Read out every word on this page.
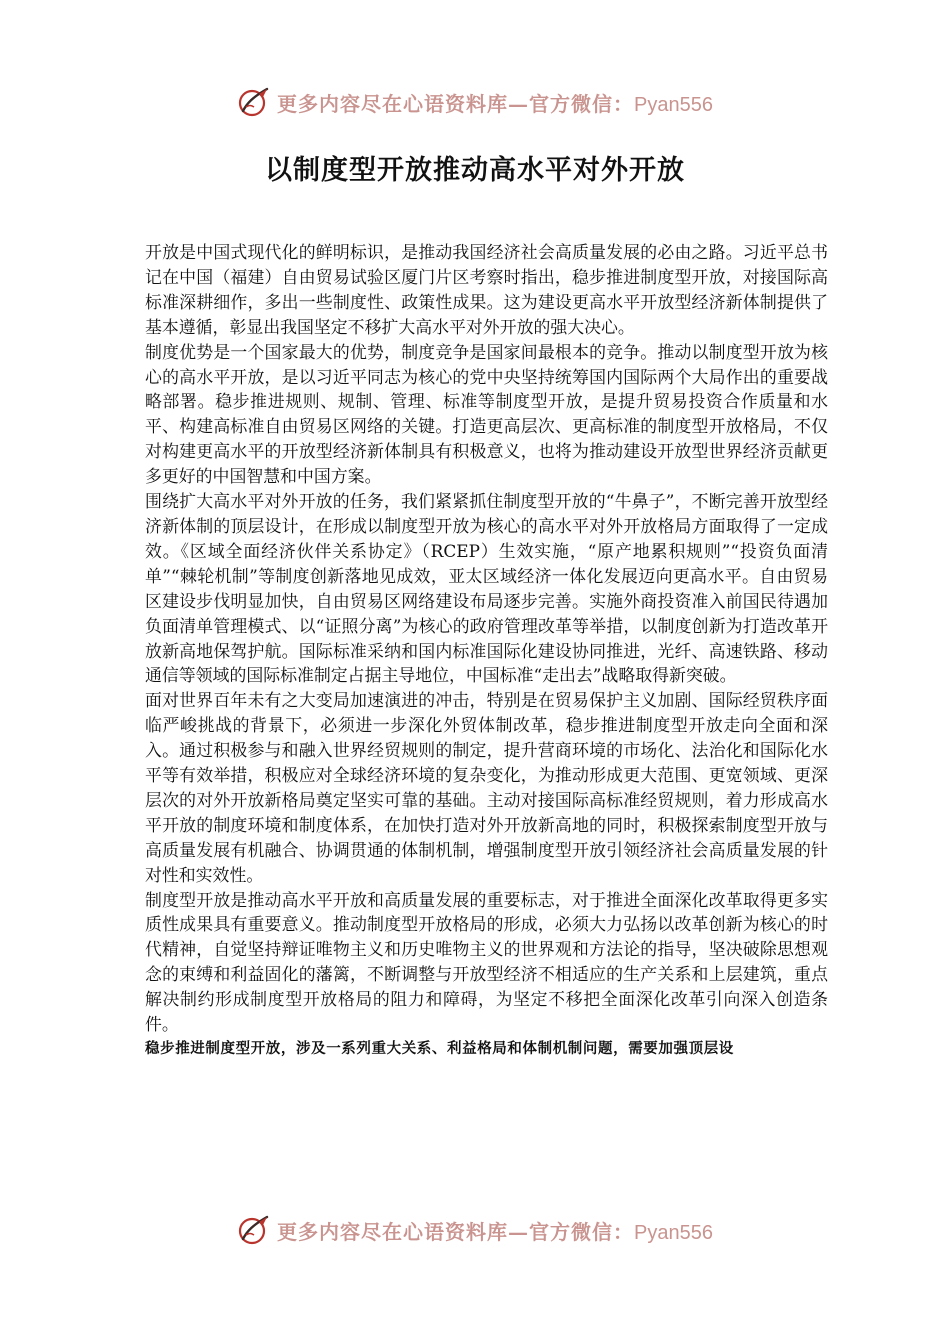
更多内容尽在心语资料库—官方微信：Pyan556
以制度型开放推动高水平对外开放

开放是中国式现代化的鲜明标识，是推动我国经济社会高质量发展的必由之路。习近平总书记在中国（福建）自由贸易试验区厦门片区考察时指出，稳步推进制度型开放，对接国际高标准深耕细作，多出一些制度性、政策性成果。这为建设更高水平开放型经济新体制提供了基本遵循，彰显出我国坚定不移扩大高水平对外开放的强大决心。

制度优势是一个国家最大的优势，制度竞争是国家间最根本的竞争。推动以制度型开放为核心的高水平开放，是以习近平同志为核心的党中央坚持统筹国内国际两个大局作出的重要战略部署。稳步推进规则、规制、管理、标准等制度型开放，是提升贸易投资合作质量和水平、构建高标准自由贸易区网络的关键。打造更高层次、更高标准的制度型开放格局，不仅对构建更高水平的开放型经济新体制具有积极意义，也将为推动建设开放型世界经济贡献更多更好的中国智慧和中国方案。

围绕扩大高水平对外开放的任务，我们紧紧抓住制度型开放的“牛鼻子”，不断完善开放型经济新体制的顶层设计，在形成以制度型开放为核心的高水平对外开放格局方面取得了一定成效。《区域全面经济伙伴关系协定》（RCEP）生效实施，“原产地累积规则”“投资负面清单”“棘轮机制”等制度创新落地见成效，亚太区域经济一体化发展迈向更高水平。自由贸易区建设步伐明显加快，自由贸易区网络建设布局逐步完善。实施外商投资准入前国民待遇加负面清单管理模式、以“证照分离”为核心的政府管理改革等举措，以制度创新为打造改革开放新高地保驾护航。国际标准采纳和国内标准国际化建设协同推进，光纤、高速铁路、移动通信等领域的国际标准制定占据主导地位，中国标准“走出去”战略取得新突破。

面对世界百年未有之大变局加速演进的冲击，特别是在贸易保护主义加剧、国际经贸秩序面临严峻挑战的背景下，必须进一步深化外贸体制改革，稳步推进制度型开放走向全面和深入。通过积极参与和融入世界经贸规则的制定，提升营商环境的市场化、法治化和国际化水平等有效举措，积极应对全球经济环境的复杂变化，为推动形成更大范围、更宽领域、更深层次的对外开放新格局奠定坚实可靠的基础。主动对接国际高标准经贸规则，着力形成高水平开放的制度环境和制度体系，在加快打造对外开放新高地的同时，积极探索制度型开放与高质量发展有机融合、协调贯通的体制机制，增强制度型开放引领经济社会高质量发展的针对性和实效性。

制度型开放是推动高水平开放和高质量发展的重要标志，对于推进全面深化改革取得更多实质性成果具有重要意义。推动制度型开放格局的形成，必须大力弘扬以改革创新为核心的时代精神，自觉坚持辩证唯物主义和历史唯物主义的世界观和方法论的指导，坚决破除思想观念的束缚和利益固化的藩篱，不断调整与开放型经济不相适应的生产关系和上层建筑，重点解决制约形成制度型开放格局的阻力和障碍，为坚定不移把全面深化改革引向深入创造条件。

稳步推进制度型开放，涉及一系列重大关系、利益格局和体制机制问题，需要加强顶层设

更多内容尽在心语资料库—官方微信：Pyan556
